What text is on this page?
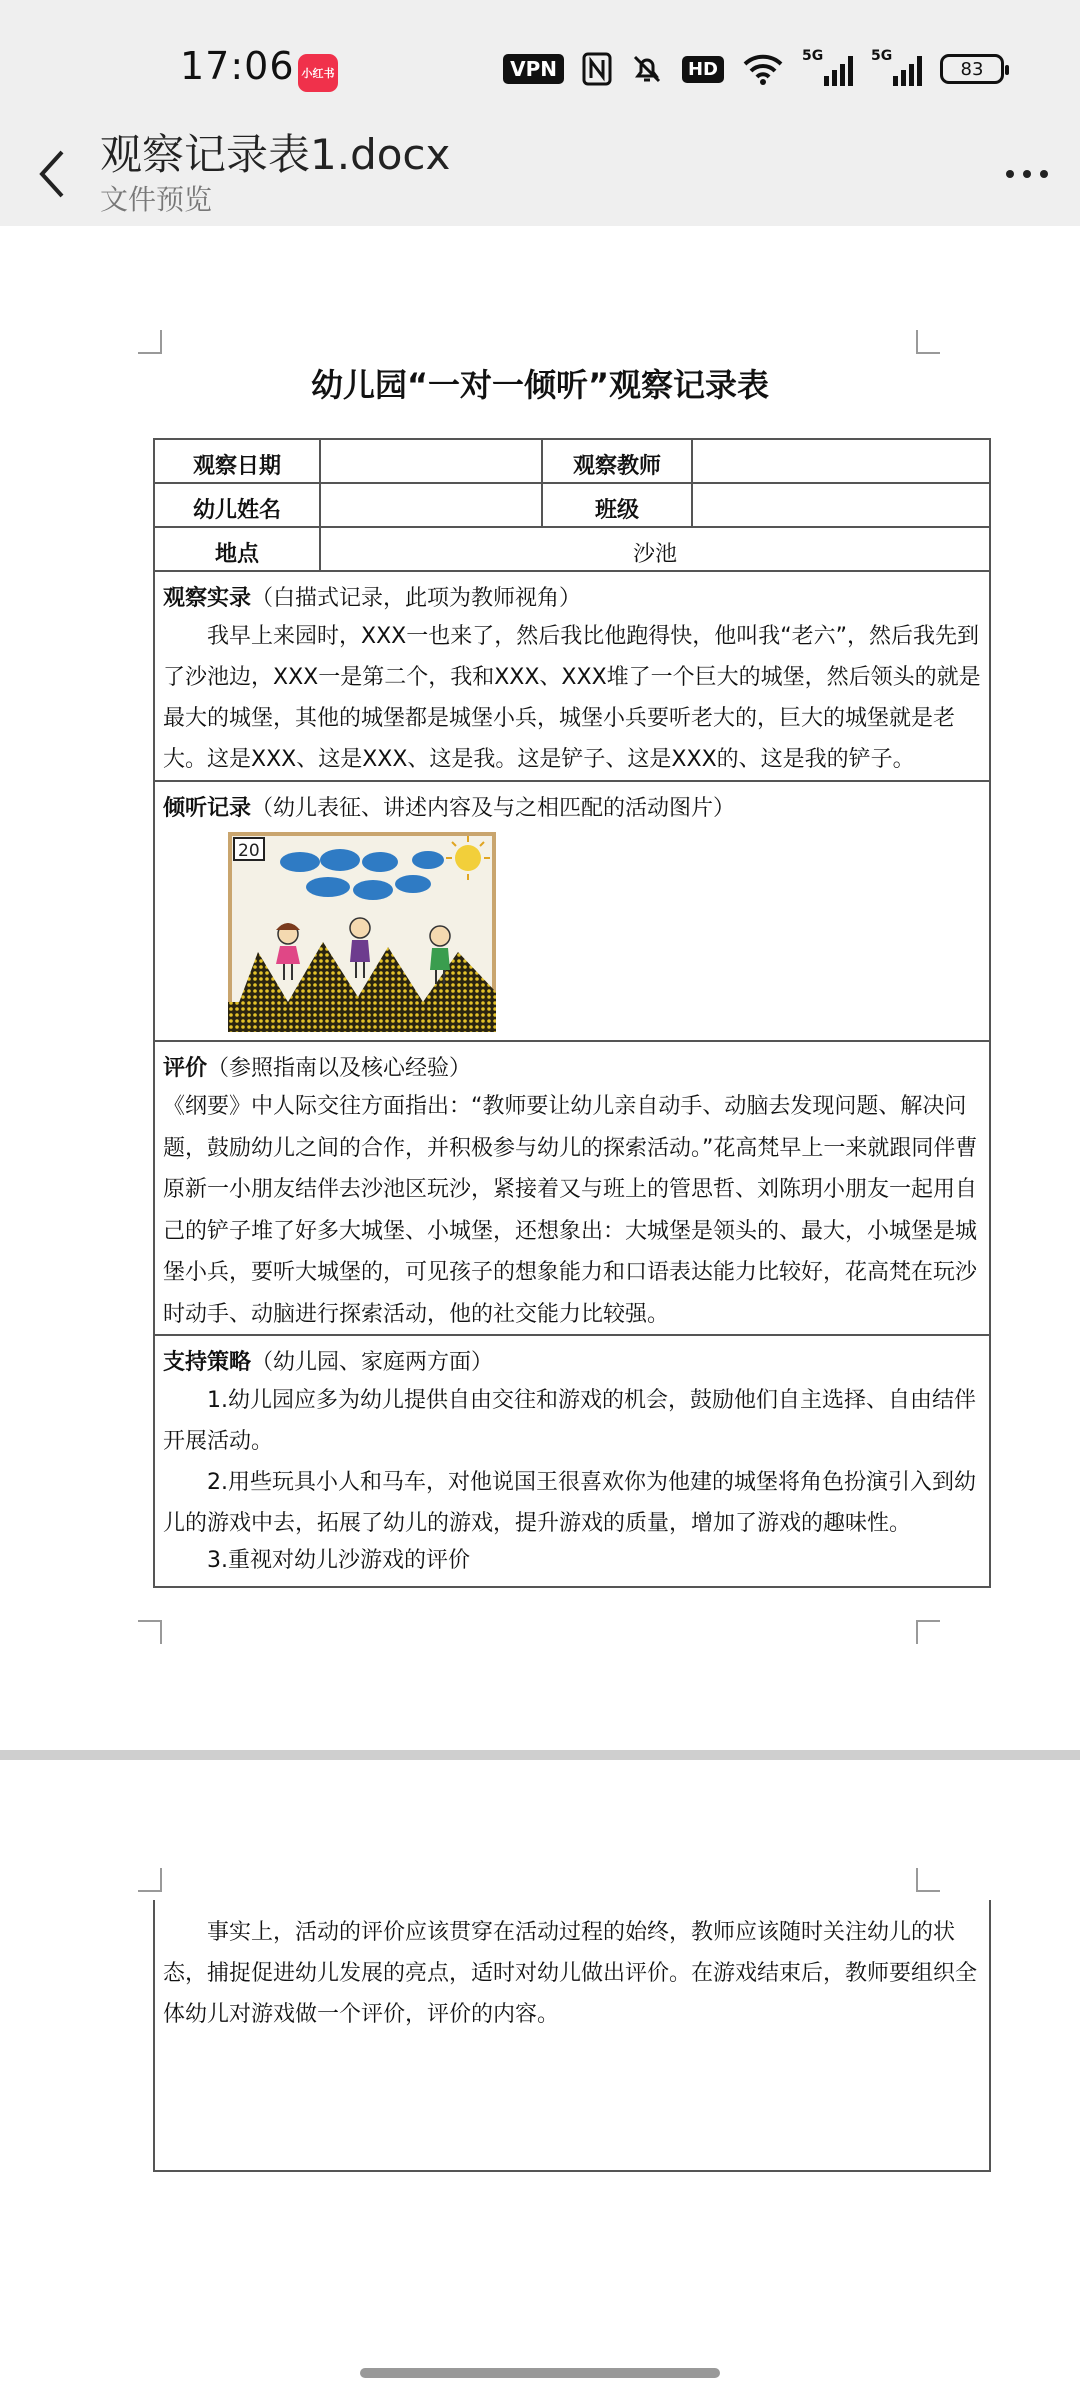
17:06 小红书	VPN	HD
5G	5G
83
观察记录表1.docx
文件预览
幼儿园“一对一倾听”观察记录表
观察日期	观察教师
幼儿姓名	班级
地点	沙池
观察实录（白描式记录，此项为教师视角）
我早上来园时，XXX一也来了，然后我比他跑得快，他叫我“老六”，然后我先到了沙池边，XXX一是第二个，我和XXX、XXX堆了一个巨大的城堡，然后领头的就是最大的城堡，其他的城堡都是城堡小兵，城堡小兵要听老大的，巨大的城堡就是老大。这是XXX、这是XXX、这是我。这是铲子、这是XXX的、这是我的铲子。
倾听记录（幼儿表征、讲述内容及与之相匹配的活动图片）
20
评价（参照指南以及核心经验）
《纲要》中人际交往方面指出：“教师要让幼儿亲自动手、动脑去发现问题、解决问题，鼓励幼儿之间的合作，并积极参与幼儿的探索活动。”花高梵早上一来就跟同伴曹原新一小朋友结伴去沙池区玩沙，紧接着又与班上的管思哲、刘陈玥小朋友一起用自己的铲子堆了好多大城堡、小城堡，还想象出：大城堡是领头的、最大，小城堡是城堡小兵，要听大城堡的，可见孩子的想象能力和口语表达能力比较好，花高梵在玩沙时动手、动脑进行探索活动，他的社交能力比较强。
支持策略（幼儿园、家庭两方面）
1.幼儿园应多为幼儿提供自由交往和游戏的机会，鼓励他们自主选择、自由结伴开展活动。
2.用些玩具小人和马车，对他说国王很喜欢你为他建的城堡将角色扮演引入到幼儿的游戏中去，拓展了幼儿的游戏，提升游戏的质量，增加了游戏的趣味性。
3.重视对幼儿沙游戏的评价
事实上，活动的评价应该贯穿在活动过程的始终，教师应该随时关注幼儿的状态，捕捉促进幼儿发展的亮点，适时对幼儿做出评价。在游戏结束后，教师要组织全体幼儿对游戏做一个评价，评价的内容。
